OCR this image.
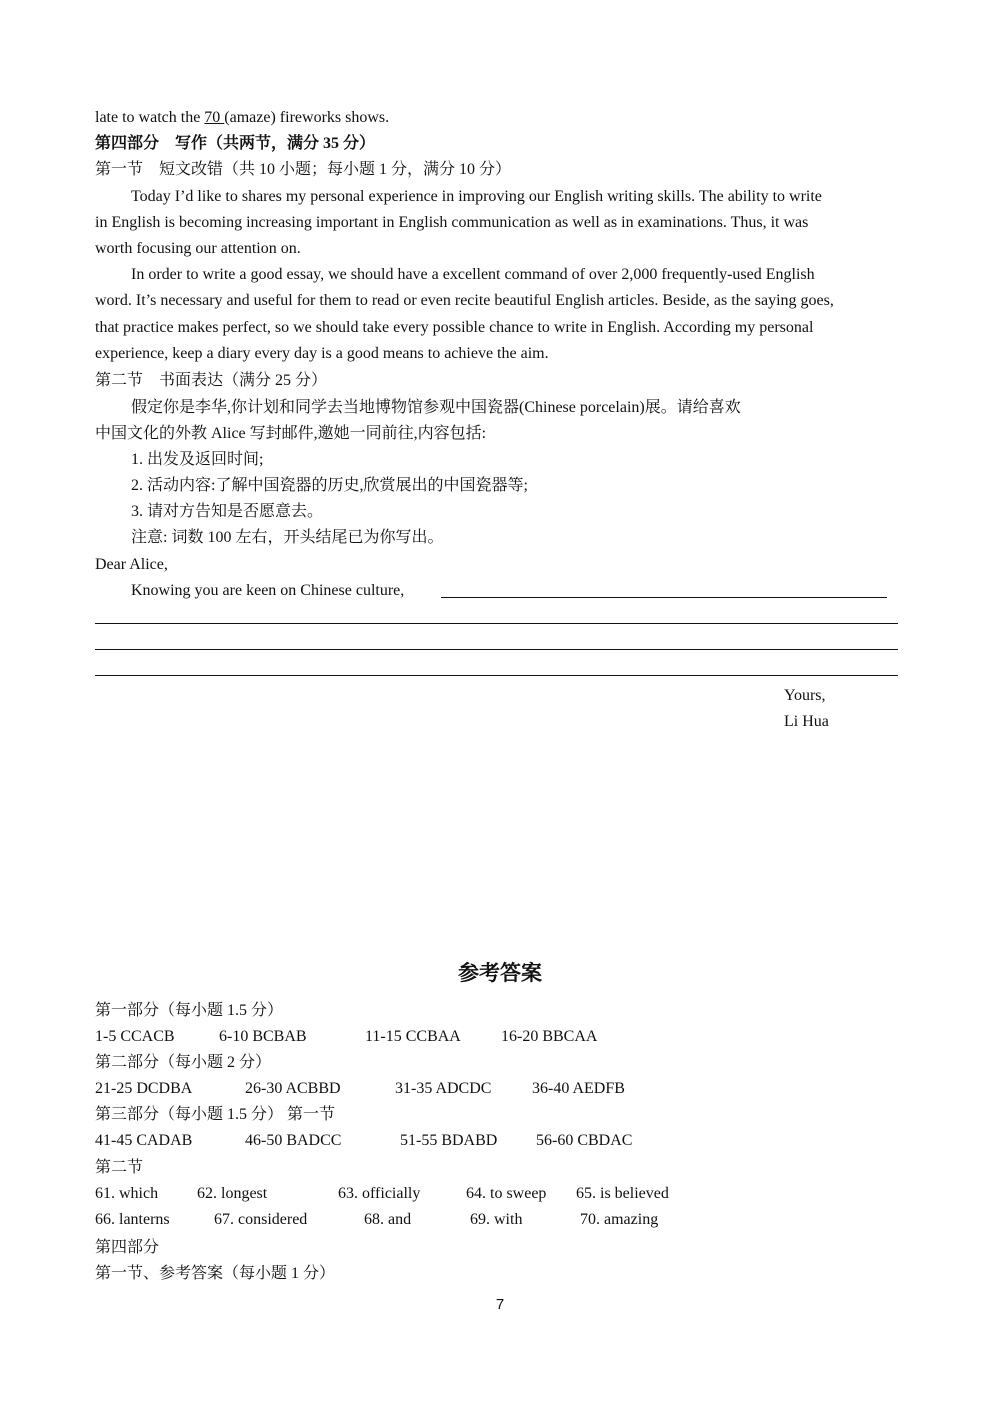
late to watch the 70 (amaze) fireworks shows.
第四部分　写作（共两节，满分 35 分）
第一节　短文改错（共 10 小题；每小题 1 分，满分 10 分）
Today I’d like to shares my personal experience in improving our English writing skills. The ability to write
in English is becoming increasing important in English communication as well as in examinations. Thus, it was
worth focusing our attention on.
In order to write a good essay, we should have a excellent command of over 2,000 frequently-used English
word. It’s necessary and useful for them to read or even recite beautiful English articles. Beside, as the saying goes,
that practice makes perfect, so we should take every possible chance to write in English. According my personal
experience, keep a diary every day is a good means to achieve the aim.
第二节　书面表达（满分 25 分）
假定你是李华,你计划和同学去当地博物馆参观中国瓷器(Chinese porcelain)展。请给喜欢
中国文化的外教 Alice 写封邮件,邀她一同前往,内容包括:
1. 出发及返回时间;
2. 活动内容:了解中国瓷器的历史,欣赏展出的中国瓷器等;
3. 请对方告知是否愿意去。
注意: 词数 100 左右，开头结尾已为你写出。
Dear Alice,
Knowing you are keen on Chinese culture,
Yours,
Li Hua
参考答案
第一部分（每小题 1.5 分）
1-5 CCACB	6-10 BCBAB	11-15 CCBAA	16-20 BBCAA
第二部分（每小题 2 分）
21-25 DCDBA	26-30 ACBBD	31-35 ADCDC	36-40 AEDFB
第三部分（每小题 1.5 分） 第一节
41-45 CADAB	46-50 BADCC	51-55 BDABD 56-60 CBDAC
第二节
61. which 62. longest	63. officially	64. to sweep 65. is believed
66. lanterns	67. considered	68. and	69. with	70. amazing
第四部分
第一节、参考答案（每小题 1 分）
7
